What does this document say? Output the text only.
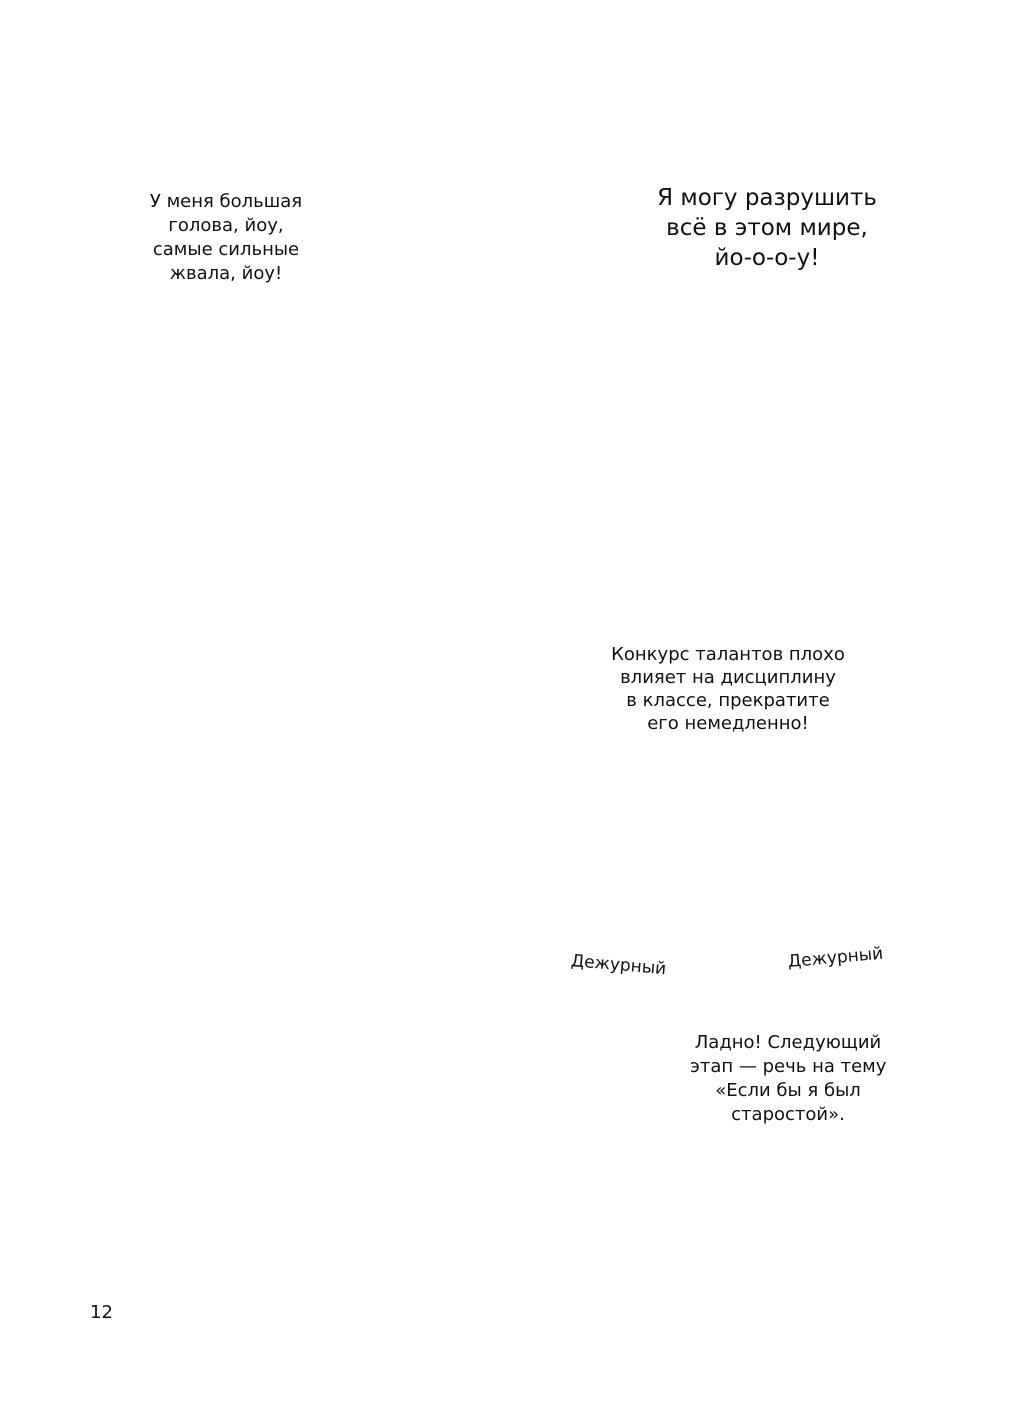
У меня большая
голова, йоу,
самые сильные
жвала, йоу!
Я могу разрушить
всё в этом мире,
йо-о-о-у!
Конкурс талантов плохо
влияет на дисциплину
в классе, прекратите
его немедленно!
Дежурный	Дежурный
Ладно! Следующий
этап — речь на тему
«Если бы я был
старостой».
12
